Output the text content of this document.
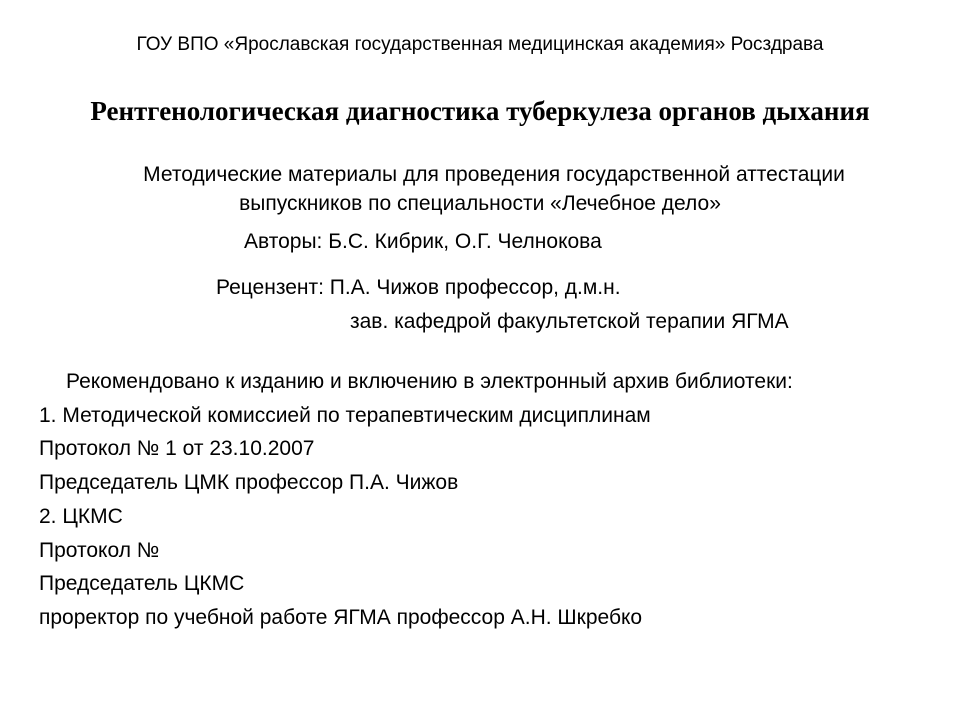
ГОУ ВПО «Ярославская государственная медицинская академия» Росздрава

Рентгенологическая диагностика туберкулеза органов дыхания

Методические материалы для проведения государственной аттестации

выпускников по специальности «Лечебное дело»

Авторы: Б.С. Кибрик, О.Г. Челнокова

Рецензент: П.А. Чижов профессор, д.м.н.

зав. кафедрой факультетской терапии ЯГМА

Рекомендовано к изданию и включению в электронный архив библиотеки:

1. Методической комиссией по терапевтическим дисциплинам

Протокол № 1 от 23.10.2007

Председатель ЦМК профессор П.А. Чижов

2. ЦКМС

Протокол №

Председатель ЦКМС

проректор по учебной работе ЯГМА профессор А.Н. Шкребко
